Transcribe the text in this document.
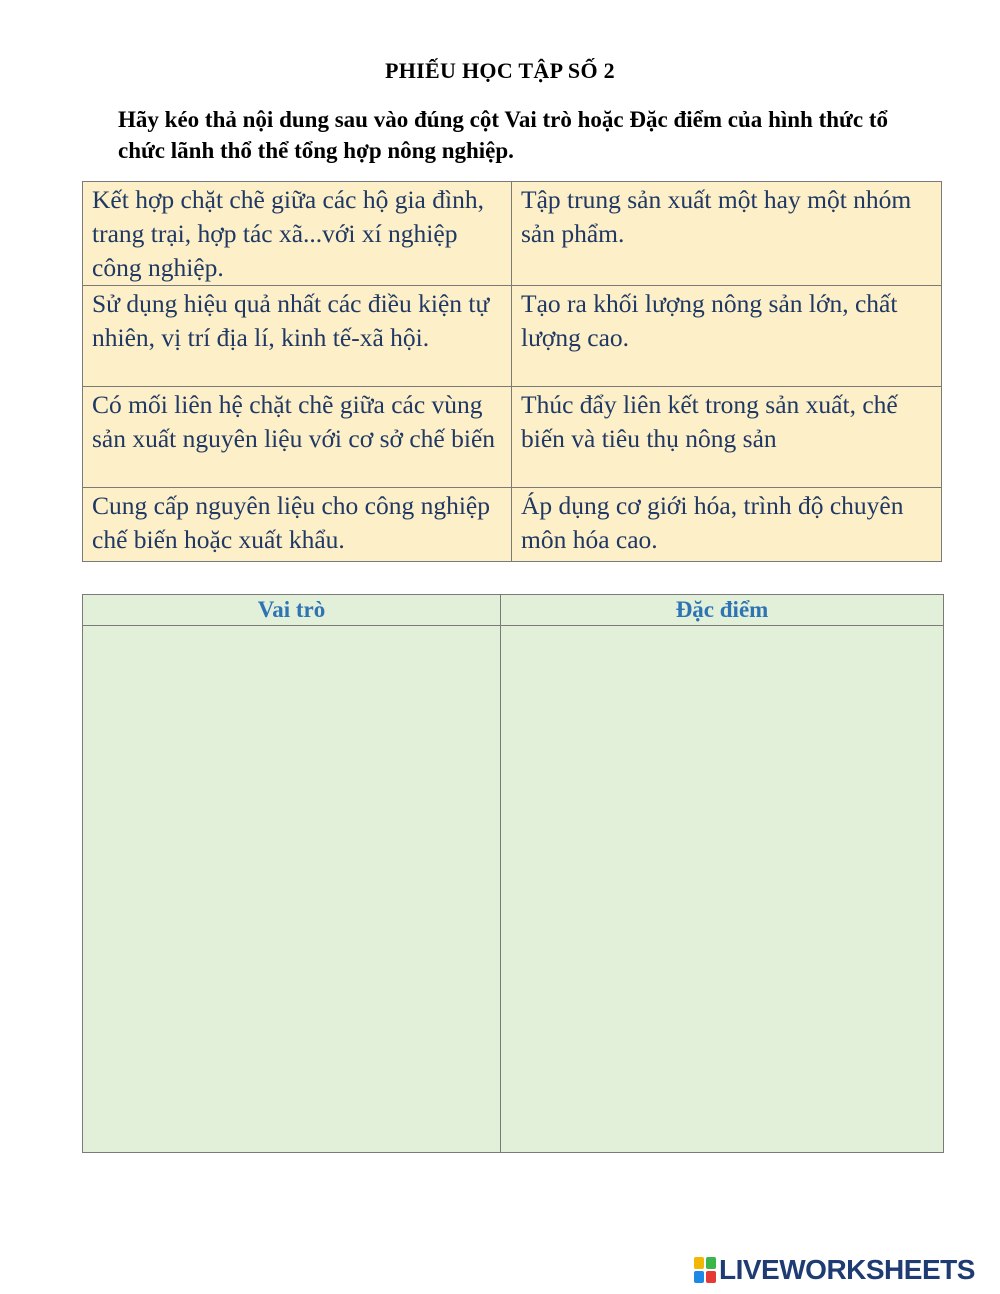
PHIẾU HỌC TẬP SỐ 2
Hãy kéo thả nội dung sau vào đúng cột Vai trò hoặc Đặc điểm của hình thức tổ chức lãnh thổ thể tổng hợp nông nghiệp.
Kết hợp chặt chẽ giữa các hộ gia đình, trang trại, hợp tác xã...với xí nghiệp công nghiệp.	Tập trung sản xuất một hay một nhóm sản phẩm.
Sử dụng hiệu quả nhất các điều kiện tự nhiên, vị trí địa lí, kinh tế-xã hội.	Tạo ra khối lượng nông sản lớn, chất lượng cao.
Có mối liên hệ chặt chẽ giữa các vùng sản xuất nguyên liệu với cơ sở chế biến	Thúc đẩy liên kết trong sản xuất, chế biến và tiêu thụ nông sản
Cung cấp nguyên liệu cho công nghiệp chế biến hoặc xuất khẩu.	Áp dụng cơ giới hóa, trình độ chuyên môn hóa cao.
Vai trò	Đặc điểm

LIVEWORKSHEETS
